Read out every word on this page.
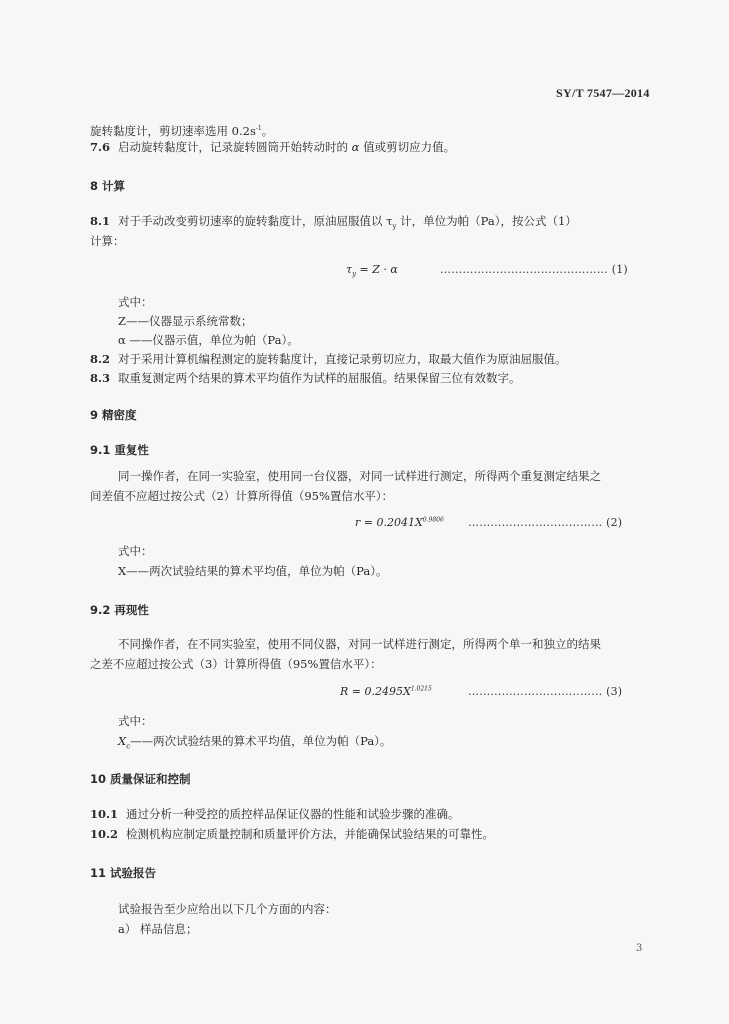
SY/T 7547—2014
旋转黏度计，剪切速率选用 $0.2s^{-1}$。
7.6 启动旋转黏度计，记录旋转圆筒开始转动时的 α 值或剪切应力值。
8 计算
8.1 对于手动改变剪切速率的旋转黏度计，原油屈服值以 $\tau_y$ 计，单位为帕（Pa），按公式（1）
计算：
$\tau_y = Z \cdot \alpha$	……………………………………… (1)
式中：
Z——仪器显示系统常数；
α ——仪器示值，单位为帕（Pa）。
8.2 对于采用计算机编程测定的旋转黏度计，直接记录剪切应力，取最大值作为原油屈服值。
8.3 取重复测定两个结果的算术平均值作为试样的屈服值。结果保留三位有效数字。
9 精密度
9.1 重复性
同一操作者，在同一实验室，使用同一台仪器，对同一试样进行测定，所得两个重复测定结果之
间差值不应超过按公式（2）计算所得值（95%置信水平）：
$r = 0.2041X^{0.9806}$ ……………………………… (2)
式中：
X——两次试验结果的算术平均值，单位为帕（Pa）。
9.2 再现性
不同操作者，在不同实验室，使用不同仪器，对同一试样进行测定，所得两个单一和独立的结果
之差不应超过按公式（3）计算所得值（95%置信水平）：
$R = 0.2495X^{1.0215}$	……………………………… (3)
式中：
$X_c——$两次试验结果的算术平均值，单位为帕（Pa）。
10 质量保证和控制
10.1 通过分析一种受控的质控样品保证仪器的性能和试验步骤的准确。
10.2 检测机构应制定质量控制和质量评价方法，并能确保试验结果的可靠性。
11 试验报告
试验报告至少应给出以下几个方面的内容：
a） 样品信息；
3
